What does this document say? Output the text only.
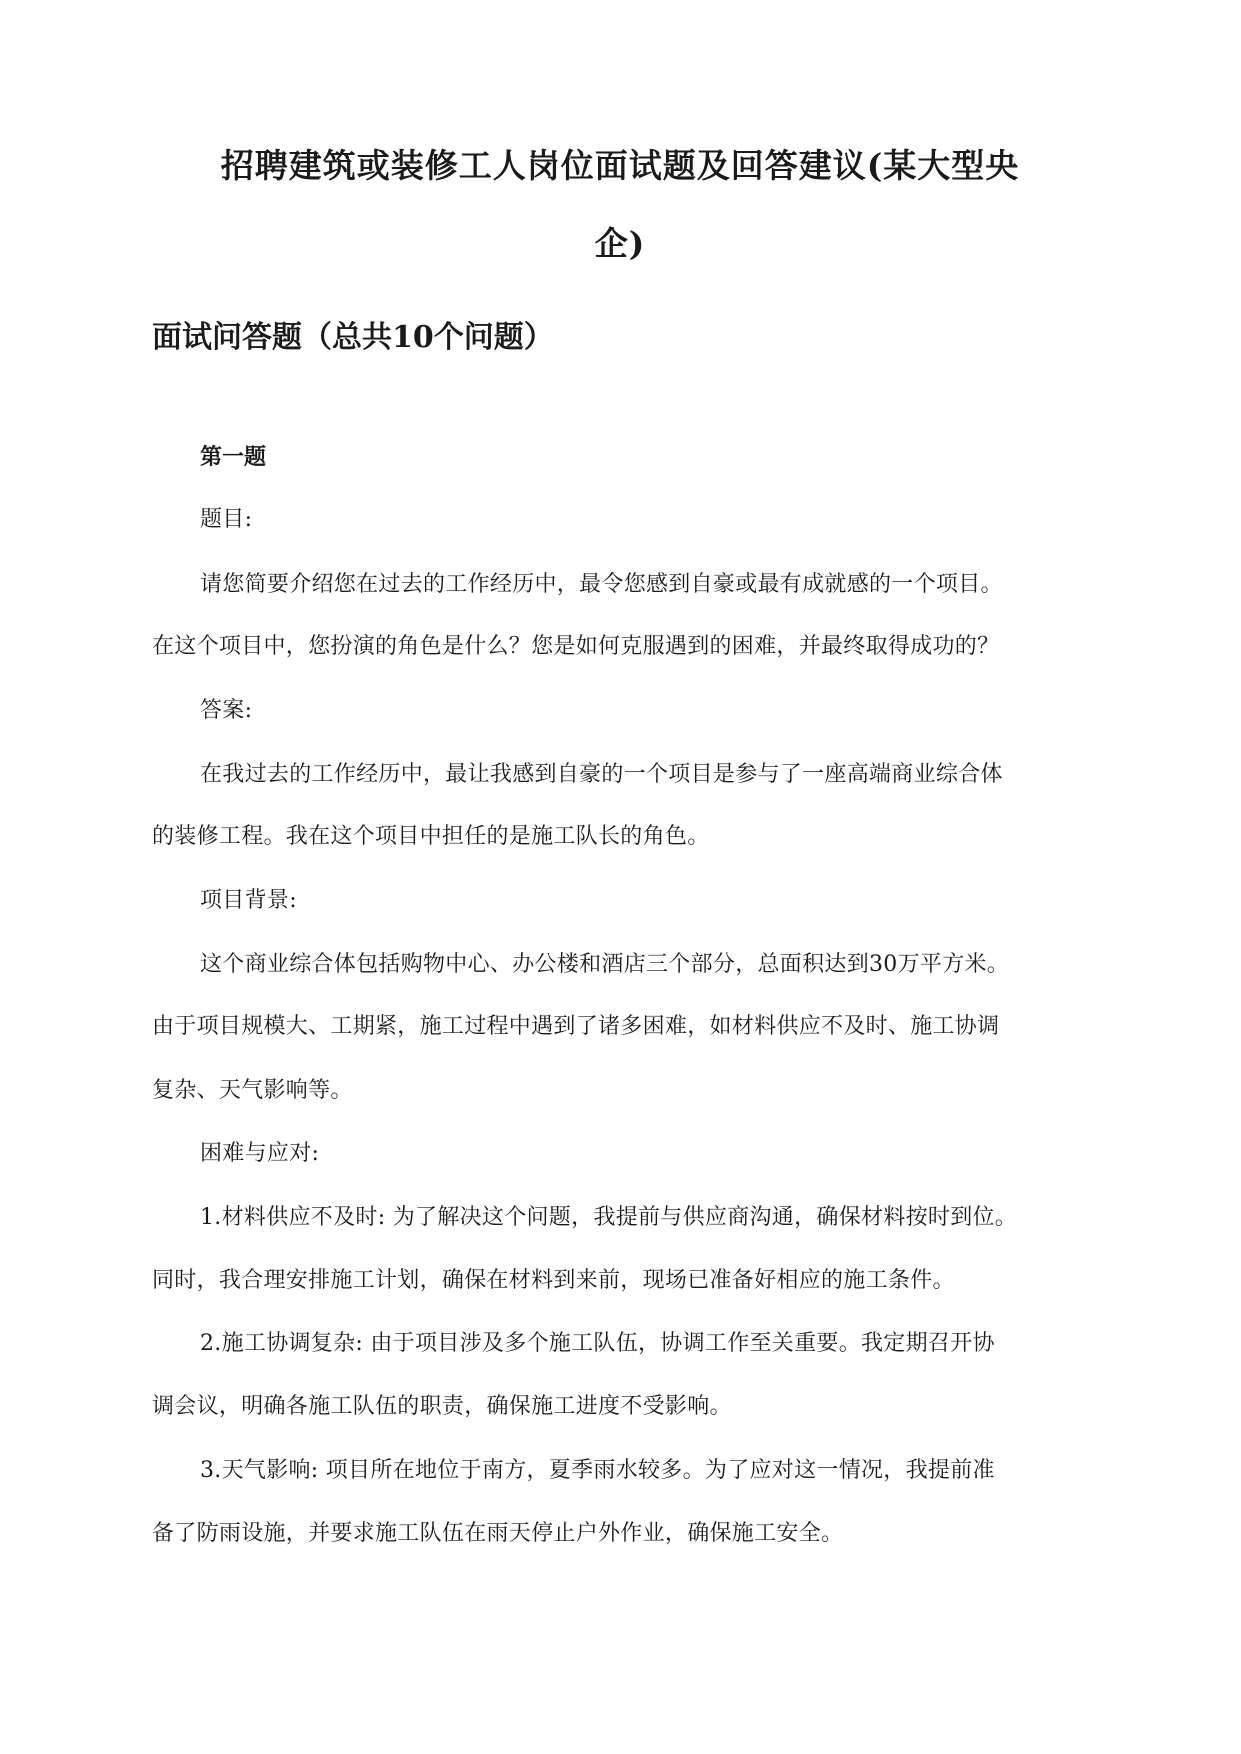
招聘建筑或装修工人岗位面试题及回答建议(某大型央
企)
面试问答题（总共10个问题）
第一题
题目:
请您简要介绍您在过去的工作经历中，最令您感到自豪或最有成就感的一个项目。
在这个项目中，您扮演的角色是什么？您是如何克服遇到的困难，并最终取得成功的？
答案:
在我过去的工作经历中，最让我感到自豪的一个项目是参与了一座高端商业综合体
的装修工程。我在这个项目中担任的是施工队长的角色。
项目背景:
这个商业综合体包括购物中心、办公楼和酒店三个部分，总面积达到30万平方米。
由于项目规模大、工期紧，施工过程中遇到了诸多困难，如材料供应不及时、施工协调
复杂、天气影响等。
困难与应对:
1.材料供应不及时: 为了解决这个问题，我提前与供应商沟通，确保材料按时到位。
同时，我合理安排施工计划，确保在材料到来前，现场已准备好相应的施工条件。
2.施工协调复杂: 由于项目涉及多个施工队伍，协调工作至关重要。我定期召开协
调会议，明确各施工队伍的职责，确保施工进度不受影响。
3.天气影响: 项目所在地位于南方，夏季雨水较多。为了应对这一情况，我提前准
备了防雨设施，并要求施工队伍在雨天停止户外作业，确保施工安全。
